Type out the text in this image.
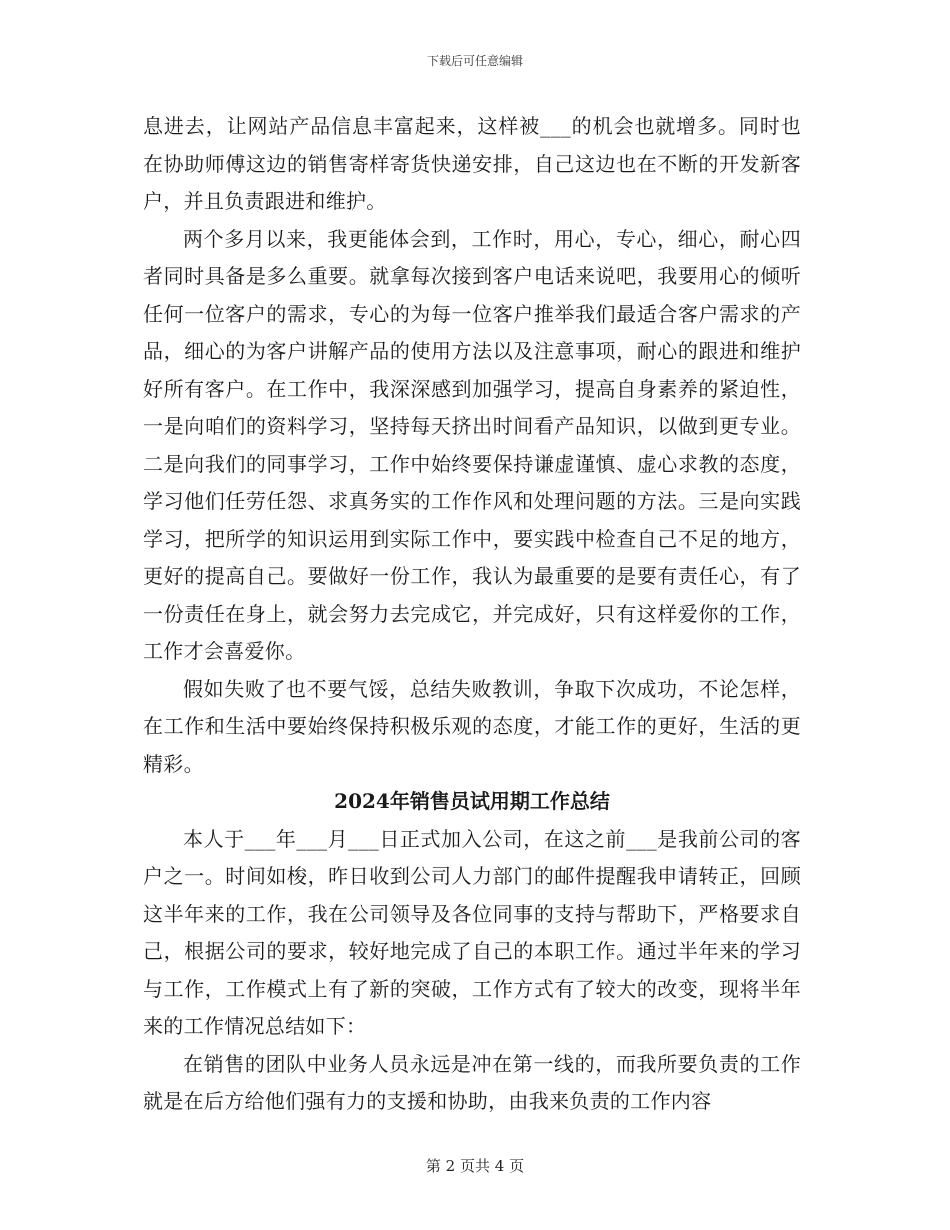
下载后可任意编辑

息进去，让网站产品信息丰富起来，这样被___的机会也就增多。同时也在协助师傅这边的销售寄样寄货快递安排，自己这边也在不断的开发新客户，并且负责跟进和维护。

两个多月以来，我更能体会到，工作时，用心，专心，细心，耐心四者同时具备是多么重要。就拿每次接到客户电话来说吧，我要用心的倾听任何一位客户的需求，专心的为每一位客户推举我们最适合客户需求的产品，细心的为客户讲解产品的使用方法以及注意事项，耐心的跟进和维护好所有客户。在工作中，我深深感到加强学习，提高自身素养的紧迫性，一是向咱们的资料学习，坚持每天挤出时间看产品知识，以做到更专业。二是向我们的同事学习，工作中始终要保持谦虚谨慎、虚心求教的态度，学习他们任劳任怨、求真务实的工作作风和处理问题的方法。三是向实践学习，把所学的知识运用到实际工作中，要实践中检查自己不足的地方，更好的提高自己。要做好一份工作，我认为最重要的是要有责任心，有了一份责任在身上，就会努力去完成它，并完成好，只有这样爱你的工作，工作才会喜爱你。

假如失败了也不要气馁，总结失败教训，争取下次成功，不论怎样，在工作和生活中要始终保持积极乐观的态度，才能工作的更好，生活的更精彩。

2024年销售员试用期工作总结

本人于___年___月___日正式加入公司，在这之前___是我前公司的客户之一。时间如梭，昨日收到公司人力部门的邮件提醒我申请转正，回顾这半年来的工作，我在公司领导及各位同事的支持与帮助下，严格要求自己，根据公司的要求，较好地完成了自己的本职工作。通过半年来的学习与工作，工作模式上有了新的突破，工作方式有了较大的改变，现将半年来的工作情况总结如下：

在销售的团队中业务人员永远是冲在第一线的，而我所要负责的工作就是在后方给他们强有力的支援和协助，由我来负责的工作内容

第 2 页共 4 页
